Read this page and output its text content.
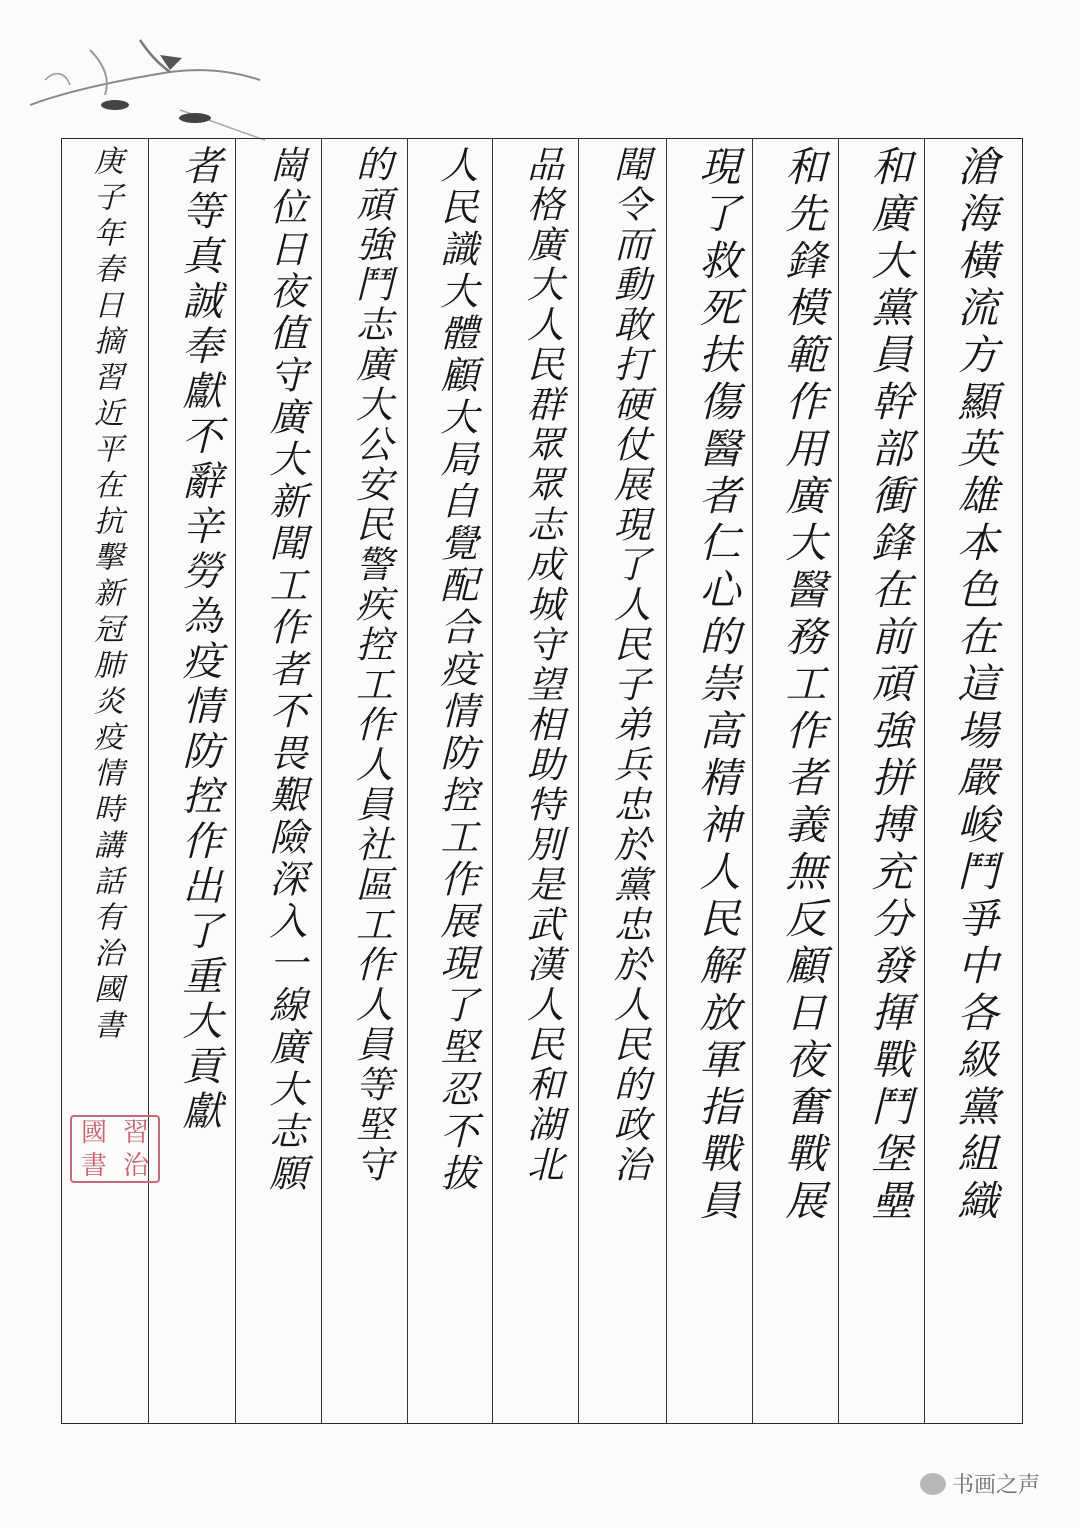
滄海橫流方顯英雄本色在這場嚴峻鬥爭中各級黨組織
和廣大黨員幹部衝鋒在前頑強拼搏充分發揮戰鬥堡壘
和先鋒模範作用廣大醫務工作者義無反顧日夜奮戰展
現了救死扶傷醫者仁心的崇高精神人民解放軍指戰員
聞令而動敢打硬仗展現了人民子弟兵忠於黨忠於人民的政治
品格廣大人民群眾眾志成城守望相助特別是武漢人民和湖北
人民識大體顧大局自覺配合疫情防控工作展現了堅忍不拔
的頑強鬥志廣大公安民警疾控工作人員社區工作人員等堅守
崗位日夜值守廣大新聞工作者不畏艱險深入一線廣大志願
者等真誠奉獻不辭辛勞為疫情防控作出了重大貢獻
庚子年春日摘習近平在抗擊新冠肺炎疫情時講話有治國書
習
治
國
書
书画之声
